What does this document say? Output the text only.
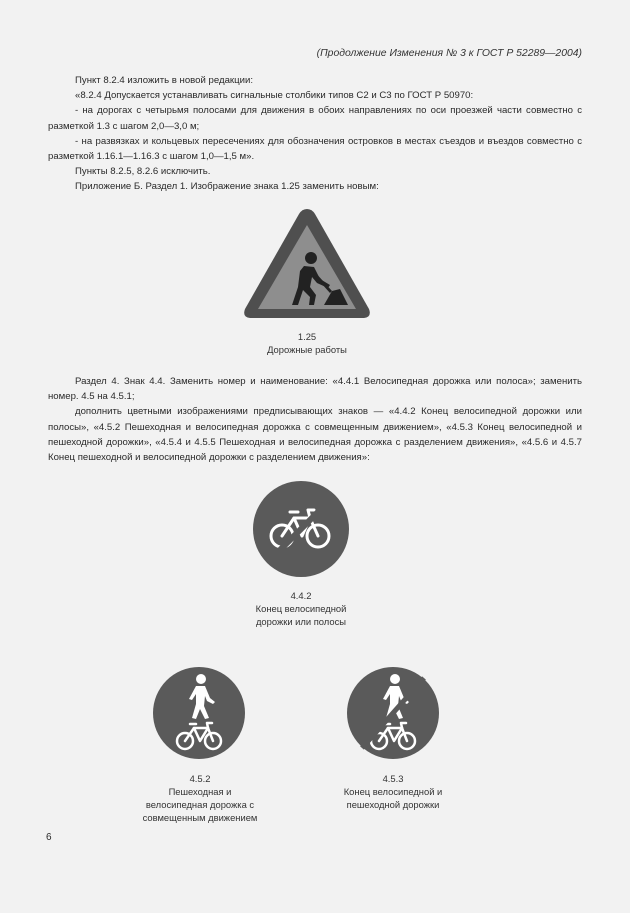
(Продолжение Изменения № 3 к ГОСТ Р 52289—2004)

Пункт 8.2.4 изложить в новой редакции:

«8.2.4 Допускается устанавливать сигнальные столбики типов С2 и С3 по ГОСТ Р 50970:

- на дорогах с четырьмя полосами для движения в обоих направлениях по оси проезжей части совместно с разметкой 1.3 с шагом 2,0—3,0 м;

- на развязках и кольцевых пересечениях для обозначения островков в местах съездов и въездов совместно с разметкой 1.16.1—1.16.3 с шагом 1,0—1,5 м».

Пункты 8.2.5, 8.2.6 исключить.

Приложение Б. Раздел 1. Изображение знака 1.25 заменить новым:

1.25
Дорожные работы

Раздел 4. Знак 4.4. Заменить номер и наименование: «4.4.1 Велосипедная дорожка или полоса»; заменить номер. 4.5 на 4.5.1;

дополнить цветными изображениями предписывающих знаков — «4.4.2 Конец велосипедной дорожки или полосы», «4.5.2 Пешеходная и велосипедная дорожка с совмещенным движением», «4.5.3 Конец велосипедной и пешеходной дорожки», «4.5.4 и 4.5.5 Пешеходная и велосипедная дорожка с разделением движения», «4.5.6 и 4.5.7 Конец пешеходной и велосипедной дорожки с разделением движения»:

4.4.2
Конец велосипедной
дорожки или полосы
4.5.2
Пешеходная и
велосипедная дорожка с
совмещенным движением
4.5.3
Конец велосипедной и
пешеходной дорожки
6
